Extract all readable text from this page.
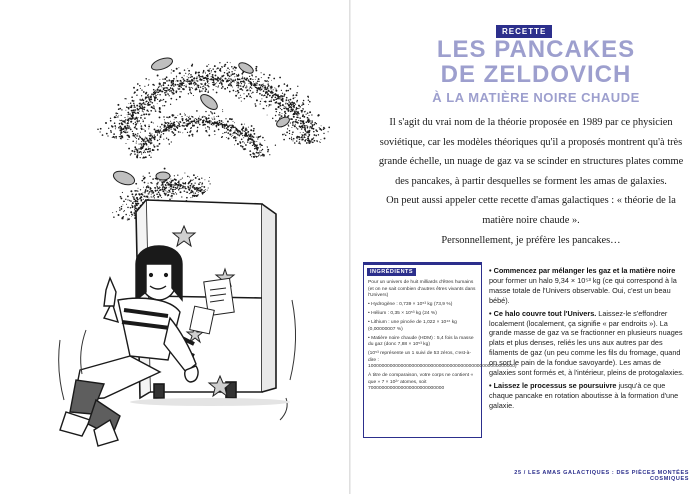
RECETTE
LES PANCAKES
DE ZELDOVICH
À LA MATIÈRE NOIRE CHAUDE

Il s'agit du vrai nom de la théorie proposée en 1989 par ce physicien soviétique, car les modèles théoriques qu'il a proposés montrent qu'à très grande échelle, un nuage de gaz va se scinder en structures plates comme des pancakes, à partir desquelles se forment les amas de galaxies.

On peut aussi appeler cette recette d'amas galactiques : « théorie de la matière noire chaude ».

Personnellement, je préfère les pancakes…

INGRÉDIENTS

Pour un univers de huit milliards d'êtres humains (et on ne sait combien d'autres êtres vivants dans l'Univers)

• Hydrogène : 0,739 × 10⁵³ kg (73,9 %)

• Hélium : 0,35 × 10⁵³ kg (24 %)

• Lithium : une pincée de 1,022 × 10⁴⁶ kg (0,00000007 %)

• Matière noire chaude (HDM) : 5,4 fois la masse du gaz (donc 7,88 × 10⁵³ kg)

(10⁵³ représente un 1 suivi de 53 zéros, c'est-à-dire : 100000000000000000000000000000000000000000000000000000)

À titre de comparaison, votre corps ne contient « que » 7 × 10²⁷ atomes, soit 7000000000000000000000000000

• Commencez par mélanger les gaz et la matière noire pour former un halo 9,34 × 10⁵³ kg (ce qui correspond à la masse totale de l'Univers observable. Oui, c'est un beau bébé).

• Ce halo couvre tout l'Univers. Laissez-le s'effondrer localement (localement, ça signifie « par endroits »). La grande masse de gaz va se fractionner en plusieurs nuages plats et plus denses, reliés les uns aux autres par des filaments de gaz (un peu comme les fils du fromage, quand on sort le pain de la fondue savoyarde). Les amas de galaxies sont formés et, à l'intérieur, pleins de protogalaxies.

• Laissez le processus se poursuivre jusqu'à ce que chaque pancake en rotation aboutisse à la formation d'une galaxie.

25 / LES AMAS GALACTIQUES : DES PIÈCES MONTÉES COSMIQUES
